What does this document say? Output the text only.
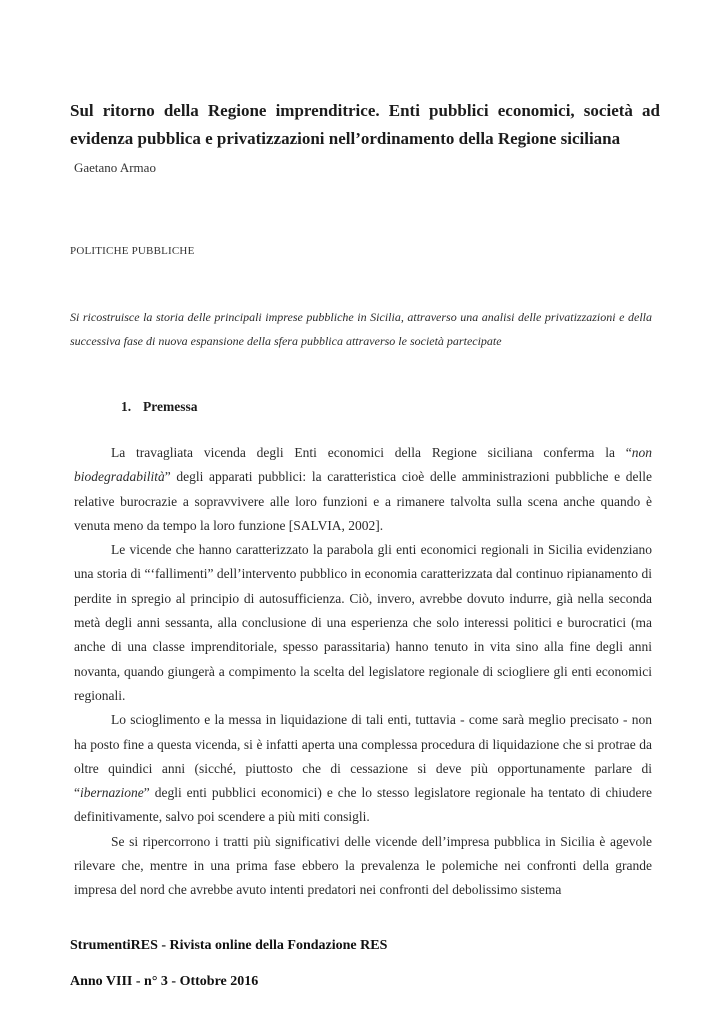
Sul ritorno della Regione imprenditrice. Enti pubblici economici, società ad evidenza pubblica e privatizzazioni nell’ordinamento della Regione siciliana
Gaetano Armao
POLITICHE PUBBLICHE
Si ricostruisce la storia delle principali imprese pubbliche in Sicilia, attraverso una analisi delle privatizzazioni e della successiva fase di nuova espansione della sfera pubblica attraverso le società partecipate
1. Premessa

La travagliata vicenda degli Enti economici della Regione siciliana conferma la “non biodegradabilità” degli apparati pubblici: la caratteristica cioè delle amministrazioni pubbliche e delle relative burocrazie a sopravvivere alle loro funzioni e a rimanere talvolta sulla scena anche quando è venuta meno da tempo la loro funzione [SALVIA, 2002].

Le vicende che hanno caratterizzato la parabola gli enti economici regionali in Sicilia evidenziano una storia di “‘fallimenti” dell’intervento pubblico in economia caratterizzata dal continuo ripianamento di perdite in spregio al principio di autosufficienza. Ciò, invero, avrebbe dovuto indurre, già nella seconda metà degli anni sessanta, alla conclusione di una esperienza che solo interessi politici e burocratici (ma anche di una classe imprenditoriale, spesso parassitaria) hanno tenuto in vita sino alla fine degli anni novanta, quando giungerà a compimento la scelta del legislatore regionale di sciogliere gli enti economici regionali.

Lo scioglimento e la messa in liquidazione di tali enti, tuttavia - come sarà meglio precisato - non ha posto fine a questa vicenda, si è infatti aperta una complessa procedura di liquidazione che si protrae da oltre quindici anni (sicché, piuttosto che di cessazione si deve più opportunamente parlare di “ibernazione” degli enti pubblici economici) e che lo stesso legislatore regionale ha tentato di chiudere definitivamente, salvo poi scendere a più miti consigli.

Se si ripercorrono i tratti più significativi delle vicende dell’impresa pubblica in Sicilia è agevole rilevare che, mentre in una prima fase ebbero la prevalenza le polemiche nei confronti della grande impresa del nord che avrebbe avuto intenti predatori nei confronti del debolissimo sistema

StrumentiRES - Rivista online della Fondazione RES
Anno VIII - n° 3 - Ottobre 2016
